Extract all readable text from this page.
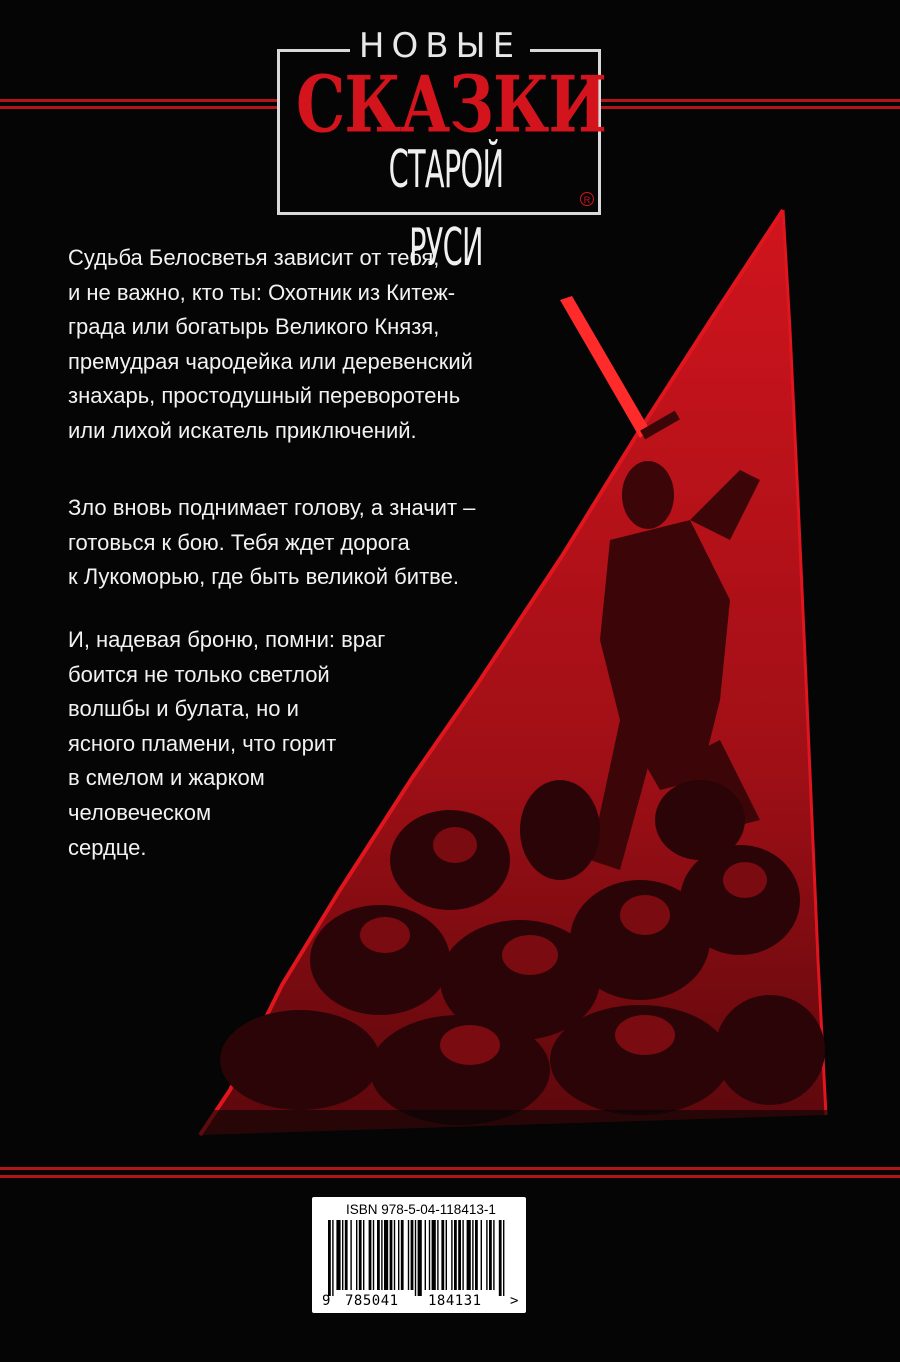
НОВЫЕ
СКАЗКИ
СТАРОЙ РУСИ
R
Судьба Белосветья зависит от тебя,
и не важно, кто ты: Охотник из Китеж-
града или богатырь Великого Князя,
премудрая чародейка или деревенский
знахарь, простодушный переворотень
или лихой искатель приключений.
Зло вновь поднимает голову, а значит –
готовься к бою. Тебя ждет дорога
к Лукоморью, где быть великой битве.
И, надевая броню, помни: враг
боится не только светлой
волшбы и булата, но и
ясного пламени, что горит
в смелом и жарком
человеческом
сердце.
ISBN 978-5-04-118413-1
9 785041 184131 >
